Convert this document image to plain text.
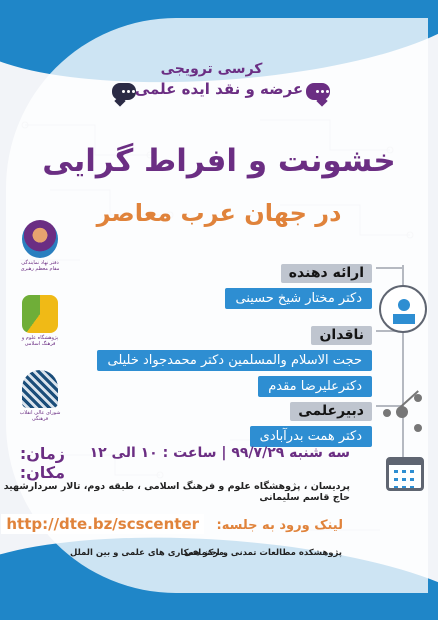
کرسی ترویجی
عرضه و نقد ایده علمی
خشونت و افراط گرایی
در جهان عرب معاصر
دفتر نهاد نمایندگی مقام معظم رهبری
پژوهشگاه علوم و فرهنگ اسلامی
شورای عالی انقلاب فرهنگی
ارائه دهنده
دکتر مختار شیخ حسینی
ناقدان
حجت الاسلام والمسلمین دکتر محمدجواد خلیلی
دکترعلیرضا مقدم
دبیرعلمی
دکتر همت بدرآبادی
زمان:
مکان:
سه شنبه ۹۹/۷/۲۹ | ساعت : ۱۰ الی ۱۲
پردیسان ، پژوهشگاه علوم و فرهنگ اسلامی ، طبقه دوم، تالار سردارشهید حاج قاسم سلیمانی
لینک ورود به جلسه: http://dte.bz/scscenter
پژوهشکده مطالعات تمدنی و اجتماعی
مرکز همکاری های علمی و بین الملل
